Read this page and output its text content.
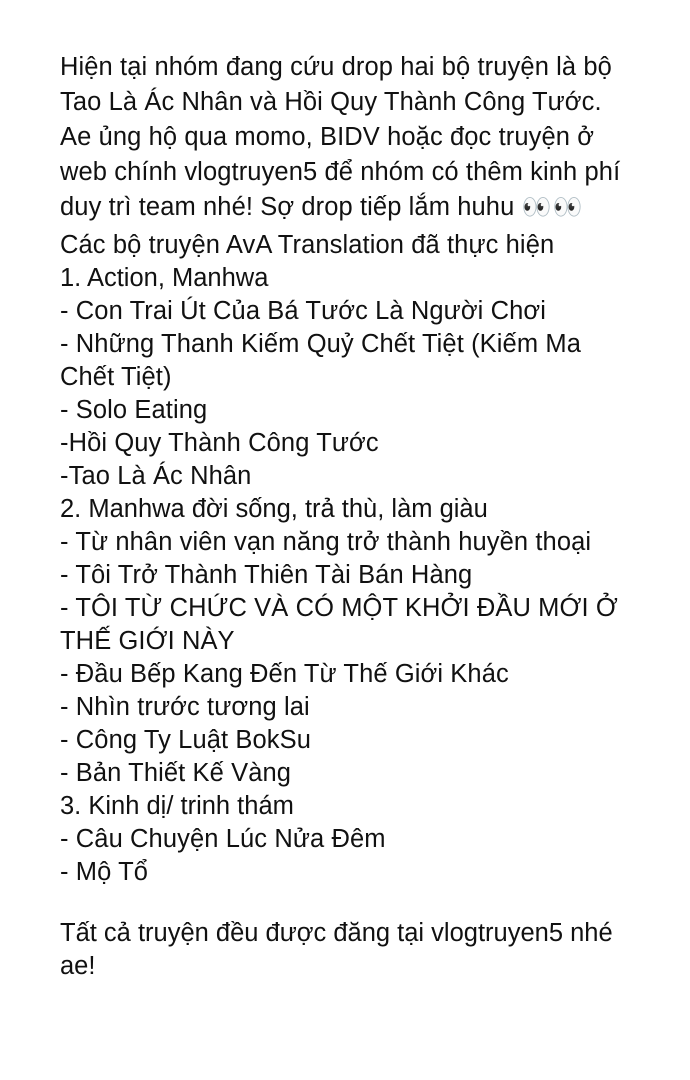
Hiện tại nhóm đang cứu drop hai bộ truyện là bộ Tao Là Ác Nhân và Hồi Quy Thành Công Tước. Ae ủng hộ qua momo, BIDV hoặc đọc truyện ở web chính vlogtruyen5 để nhóm có thêm kinh phí duy trì team nhé! Sợ drop tiếp lắm huhu 👀👀

Các bộ truyện AvA Translation đã thực hiện

1. Action, Manhwa

- Con Trai Út Của Bá Tước Là Người Chơi

- Những Thanh Kiếm Quỷ Chết Tiệt (Kiếm Ma Chết Tiệt)

- Solo Eating

-Hồi Quy Thành Công Tước

-Tao Là Ác Nhân

2. Manhwa đời sống, trả thù, làm giàu

- Từ nhân viên vạn năng trở thành huyền thoại

- Tôi Trở Thành Thiên Tài Bán Hàng

- TÔI TỪ CHỨC VÀ CÓ MỘT KHỞI ĐẦU MỚI Ở THẾ GIỚI NÀY

- Đầu Bếp Kang Đến Từ Thế Giới Khác

- Nhìn trước tương lai

- Công Ty Luật BokSu

- Bản Thiết Kế Vàng

3. Kinh dị/ trinh thám

- Câu Chuyện Lúc Nửa Đêm

- Mộ Tổ

Tất cả truyện đều được đăng tại vlogtruyen5 nhé ae!
